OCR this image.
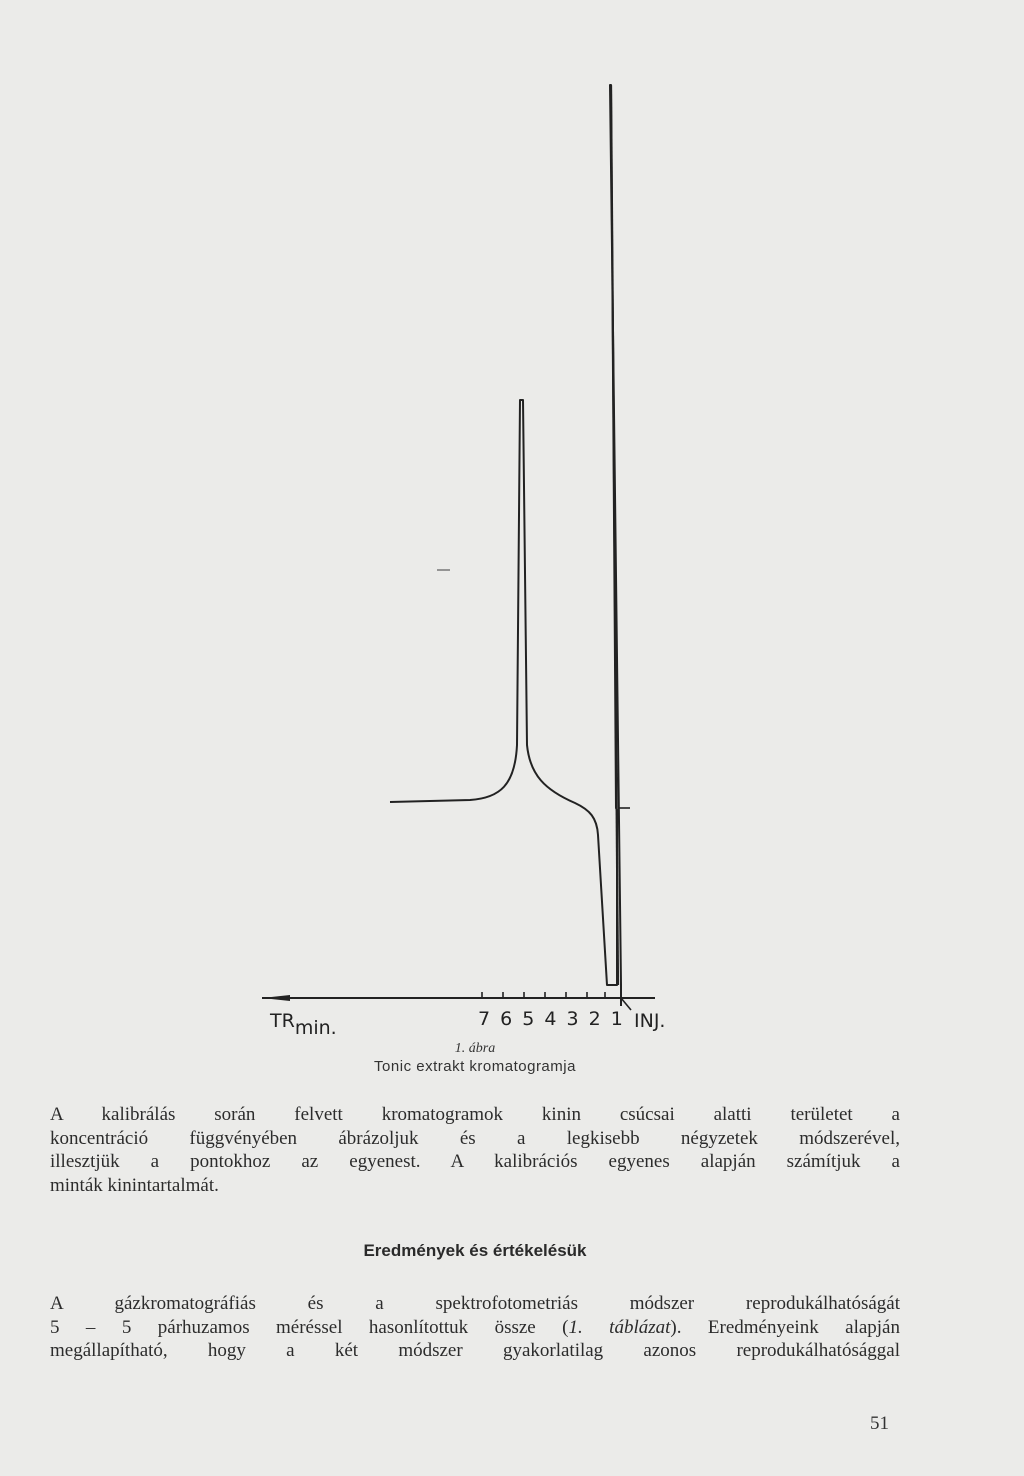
TRmin.	7 6 5 4 3 2 1 INJ.
1. ábra
Tonic extrakt kromatogramja
A kalibrálás során felvett kromatogramok kinin csúcsai alatti területet a
koncentráció függvényében ábrázoljuk és a legkisebb négyzetek módszerével,
illesztjük a pontokhoz az egyenest. A kalibrációs egyenes alapján számítjuk a
minták kinintartalmát.
Eredmények és értékelésük
A gázkromatográfiás és a spektrofotometriás módszer reprodukálhatóságát
5 – 5 párhuzamos méréssel hasonlítottuk össze (1. táblázat). Eredményeink alapján
megállapítható, hogy a két módszer gyakorlatilag azonos reprodukálhatósággal
51
